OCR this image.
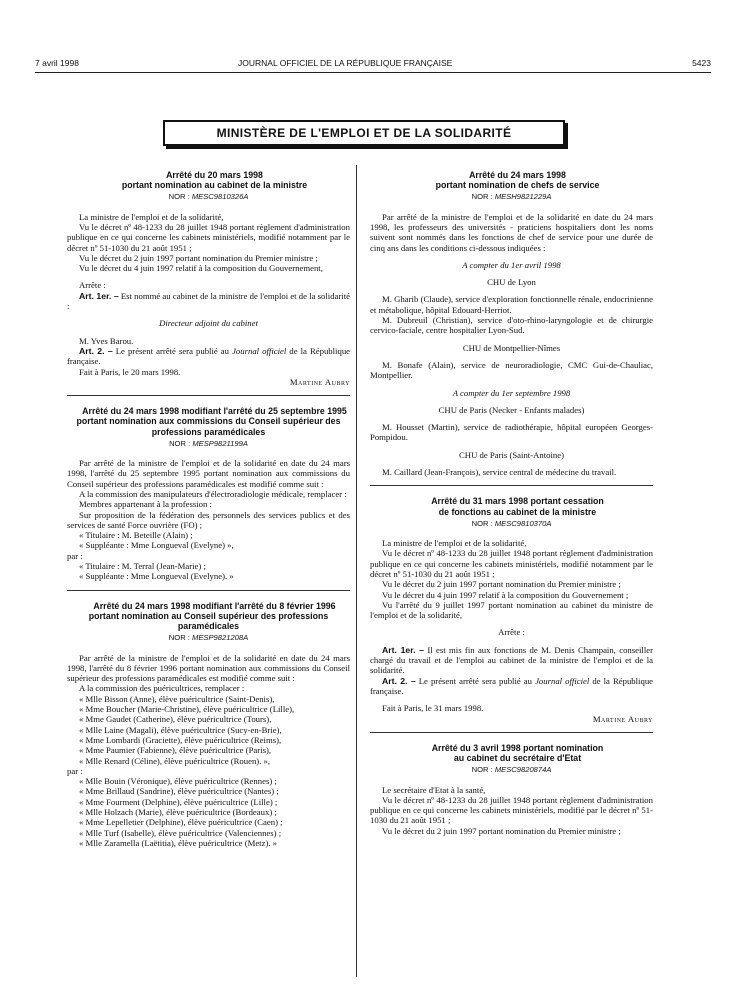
7 avril 1998	JOURNAL OFFICIEL DE LA RÉPUBLIQUE FRANÇAISE	5423
MINISTÈRE DE L'EMPLOI ET DE LA SOLIDARITÉ

Arrêté du 20 mars 1998

portant nomination au cabinet de la ministre

NOR : MESC9810326A

La ministre de l'emploi et de la solidarité,

Vu le décret nº 48-1233 du 28 juillet 1948 portant règlement d'administration publique en ce qui concerne les cabinets ministériels, modifié notamment par le décret nº 51-1030 du 21 août 1951 ;

Vu le décret du 2 juin 1997 portant nomination du Premier ministre ;

Vu le décret du 4 juin 1997 relatif à la composition du Gouvernement,

Arrête :

Art. 1er. – Est nommé au cabinet de la ministre de l'emploi et de la solidarité :

Directeur adjoint du cabinet

M. Yves Barou.

Art. 2. – Le présent arrêté sera publié au Journal officiel de la République française.

Fait à Paris, le 20 mars 1998.

Martine Aubry

Arrêté du 24 mars 1998 modifiant l'arrêté du 25 septembre 1995 portant nomination aux commissions du Conseil supérieur des professions paramédicales

NOR : MESP9821199A

Par arrêté de la ministre de l'emploi et de la solidarité en date du 24 mars 1998, l'arrêté du 25 septembre 1995 portant nomination aux commissions du Conseil supérieur des professions paramédicales est modifié comme suit :

A la commission des manipulateurs d'électroradiologie médicale, remplacer :

Membres appartenant à la profession :

Sur proposition de la fédération des personnels des services publics et des services de santé Force ouvrière (FO) ;

« Titulaire : M. Beteille (Alain) ;

« Suppléante : Mme Longueval (Evelyne) »,

par :

« Titulaire : M. Terral (Jean-Marie) ;

« Suppléante : Mme Longueval (Evelyne). »

Arrêté du 24 mars 1998 modifiant l'arrêté du 8 février 1996 portant nomination au Conseil supérieur des professions paramédicales

NOR : MESP9821208A

Par arrêté de la ministre de l'emploi et de la solidarité en date du 24 mars 1998, l'arrêté du 8 février 1996 portant nomination aux commissions du Conseil supérieur des professions paramédicales est modifié comme suit :

A la commission des puéricultrices, remplacer :

« Mlle Bisson (Anne), élève puéricultrice (Saint-Denis),

« Mme Boucher (Marie-Christine), élève puéricultrice (Lille),

« Mme Gaudet (Catherine), élève puéricultrice (Tours),

« Mlle Laine (Magali), élève puéricultrice (Sucy-en-Brie),

« Mme Lombardi (Graciette), élève puéricultrice (Reims),

« Mme Paumier (Fabienne), élève puéricultrice (Paris),

« Mlle Renard (Céline), élève puéricultrice (Rouen). »,

par :

« Mlle Bouin (Véronique), élève puéricultrice (Rennes) ;

« Mme Brillaud (Sandrine), élève puéricultrice (Nantes) ;

« Mme Fourment (Delphine), élève puéricultrice (Lille) ;

« Mlle Holzach (Marie), élève puéricultrice (Bordeaux) ;

« Mme Lepelletier (Delphine), élève puéricultrice (Caen) ;

« Mlle Turf (Isabelle), élève puéricultrice (Valenciennes) ;

« Mlle Zaramella (Laëtitia), élève puéricultrice (Metz). »

Arrêté du 24 mars 1998

portant nomination de chefs de service

NOR : MESH9821229A

Par arrêté de la ministre de l'emploi et de la solidarité en date du 24 mars 1998, les professeurs des universités - praticiens hospitaliers dont les noms suivent sont nommés dans les fonctions de chef de service pour une durée de cinq ans dans les conditions ci-dessous indiquées :

A compter du 1er avril 1998

CHU de Lyon

M. Gharib (Claude), service d'exploration fonctionnelle rénale, endocrinienne et métabolique, hôpital Edouard-Herriot.

M. Dubreuil (Christian), service d'oto-rhino-laryngologie et de chirurgie cervico-faciale, centre hospitalier Lyon-Sud.

CHU de Montpellier-Nîmes

M. Bonafe (Alain), service de neuroradiologie, CMC Gui-de-Chauliac, Montpellier.

A compter du 1er septembre 1998

CHU de Paris (Necker - Enfants malades)

M. Housset (Martin), service de radiothérapie, hôpital européen Georges-Pompidou.

CHU de Paris (Saint-Antoine)

M. Caillard (Jean-François), service central de médecine du travail.

Arrêté du 31 mars 1998 portant cessation

de fonctions au cabinet de la ministre

NOR : MESC9810370A

La ministre de l'emploi et de la solidarité,

Vu le décret nº 48-1233 du 28 juillet 1948 portant règlement d'administration publique en ce qui concerne les cabinets ministériels, modifié notamment par le décret nº 51-1030 du 21 août 1951 ;

Vu le décret du 2 juin 1997 portant nomination du Premier ministre ;

Vu le décret du 4 juin 1997 relatif à la composition du Gouvernement ;

Vu l'arrêté du 9 juillet 1997 portant nomination au cabinet du ministre de l'emploi et de la solidarité,

Arrête :

Art. 1er. – Il est mis fin aux fonctions de M. Denis Champain, conseiller chargé du travail et de l'emploi au cabinet de la ministre de l'emploi et de la solidarité.

Art. 2. – Le présent arrêté sera publié au Journal officiel de la République française.

Fait à Paris, le 31 mars 1998.

Martine Aubry

Arrêté du 3 avril 1998 portant nomination

au cabinet du secrétaire d'Etat

NOR : MESC9820874A

Le secrétaire d'Etat à la santé,

Vu le décret nº 48-1233 du 28 juillet 1948 portant règlement d'administration publique en ce qui concerne les cabinets ministériels, modifié par le décret nº 51-1030 du 21 août 1951 ;

Vu le décret du 2 juin 1997 portant nomination du Premier ministre ;
